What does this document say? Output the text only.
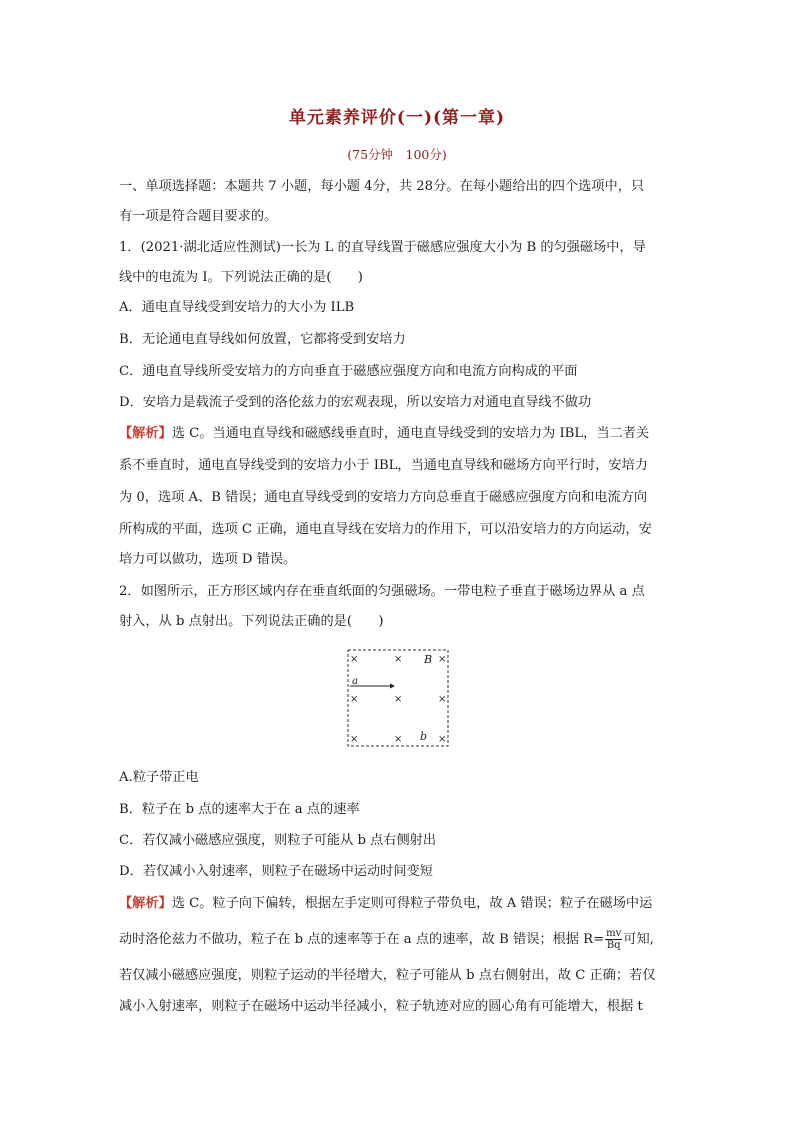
单元素养评价(一)(第一章)
(75分钟　100分)
一、单项选择题：本题共 7 小题，每小题 4分，共 28分。在每小题给出的四个选项中，只
有一项是符合题目要求的。
1．(2021·湖北适应性测试)一长为 L 的直导线置于磁感应强度大小为 B 的匀强磁场中，导
线中的电流为 I。下列说法正确的是(　　)
A．通电直导线受到安培力的大小为 ILB
B．无论通电直导线如何放置，它都将受到安培力
C．通电直导线所受安培力的方向垂直于磁感应强度方向和电流方向构成的平面
D．安培力是载流子受到的洛伦兹力的宏观表现，所以安培力对通电直导线不做功
【解析】选 C。当通电直导线和磁感线垂直时，通电直导线受到的安培力为 IBL，当二者关
系不垂直时，通电直导线受到的安培力小于 IBL，当通电直导线和磁场方向平行时，安培力
为 0，选项 A、B 错误；通电直导线受到的安培力方向总垂直于磁感应强度方向和电流方向
所构成的平面，选项 C 正确，通电直导线在安培力的作用下，可以沿安培力的方向运动，安
培力可以做功，选项 D 错误。
2．如图所示，正方形区域内存在垂直纸面的匀强磁场。一带电粒子垂直于磁场边界从 a 点
射入，从 b 点射出。下列说法正确的是(　　)
×	× B ×
a
×	×	×
×	× b ×
A.粒子带正电
B．粒子在 b 点的速率大于在 a 点的速率
C．若仅减小磁感应强度，则粒子可能从 b 点右侧射出
D．若仅减小入射速率，则粒子在磁场中运动时间变短
【解析】选 C。粒子向下偏转，根据左手定则可得粒子带负电，故 A 错误；粒子在磁场中运
动时洛伦兹力不做功，粒子在 b 点的速率等于在 a 点的速率，故 B 错误；根据 $R= \frac{mv}{Bq}$ 可知,
若仅减小磁感应强度，则粒子运动的半径增大，粒子可能从 b 点右侧射出，故 C 正确；若仅
减小入射速率，则粒子在磁场中运动半径减小，粒子轨迹对应的圆心角有可能增大，根据 t
